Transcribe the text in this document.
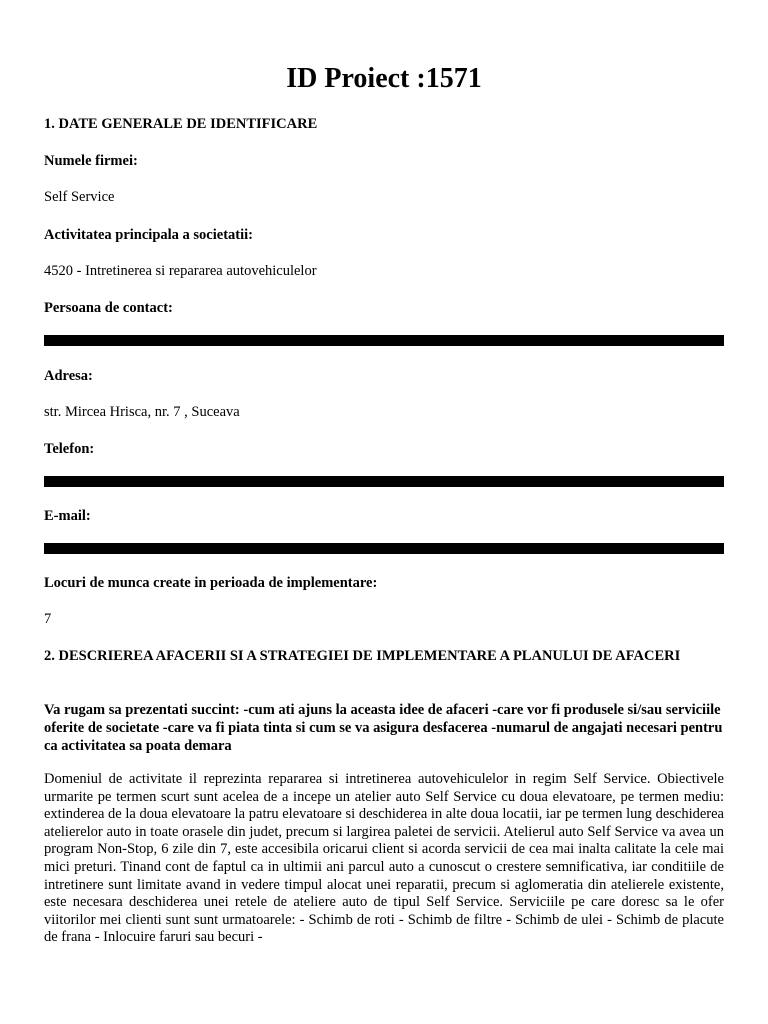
ID Proiect :1571
1. DATE GENERALE DE IDENTIFICARE
Numele firmei:
Self Service
Activitatea principala a societatii:
4520 - Intretinerea si repararea autovehiculelor
Persoana de contact:
Adresa:
str. Mircea Hrisca, nr. 7 , Suceava
Telefon:
E-mail:
Locuri de munca create in perioada de implementare:
7
2. DESCRIEREA AFACERII SI A STRATEGIEI DE IMPLEMENTARE A PLANULUI DE AFACERI
Va rugam sa prezentati succint: -cum ati ajuns la aceasta idee de afaceri -care vor fi produsele si/sau serviciile oferite de societate -care va fi piata tinta si cum se va asigura desfacerea -numarul de angajati necesari pentru ca activitatea sa poata demara
Domeniul de activitate il reprezinta repararea si intretinerea autovehiculelor in regim Self Service. Obiectivele urmarite pe termen scurt sunt acelea de a incepe un atelier auto Self Service cu doua elevatoare, pe termen mediu: extinderea de la doua elevatoare la patru elevatoare si deschiderea in alte doua locatii, iar pe termen lung deschiderea atelierelor auto in toate orasele din judet, precum si largirea paletei de servicii. Atelierul auto Self Service va avea un program Non-Stop, 6 zile din 7, este accesibila oricarui client si acorda servicii de cea mai inalta calitate la cele mai mici preturi. Tinand cont de faptul ca in ultimii ani parcul auto a cunoscut o crestere semnificativa, iar conditiile de intretinere sunt limitate avand in vedere timpul alocat unei reparatii, precum si aglomeratia din atelierele existente, este necesara deschiderea unei retele de ateliere auto de tipul Self Service. Serviciile pe care doresc sa le ofer viitorilor mei clienti sunt sunt urmatoarele: - Schimb de roti - Schimb de filtre - Schimb de ulei - Schimb de placute de frana - Inlocuire faruri sau becuri -
